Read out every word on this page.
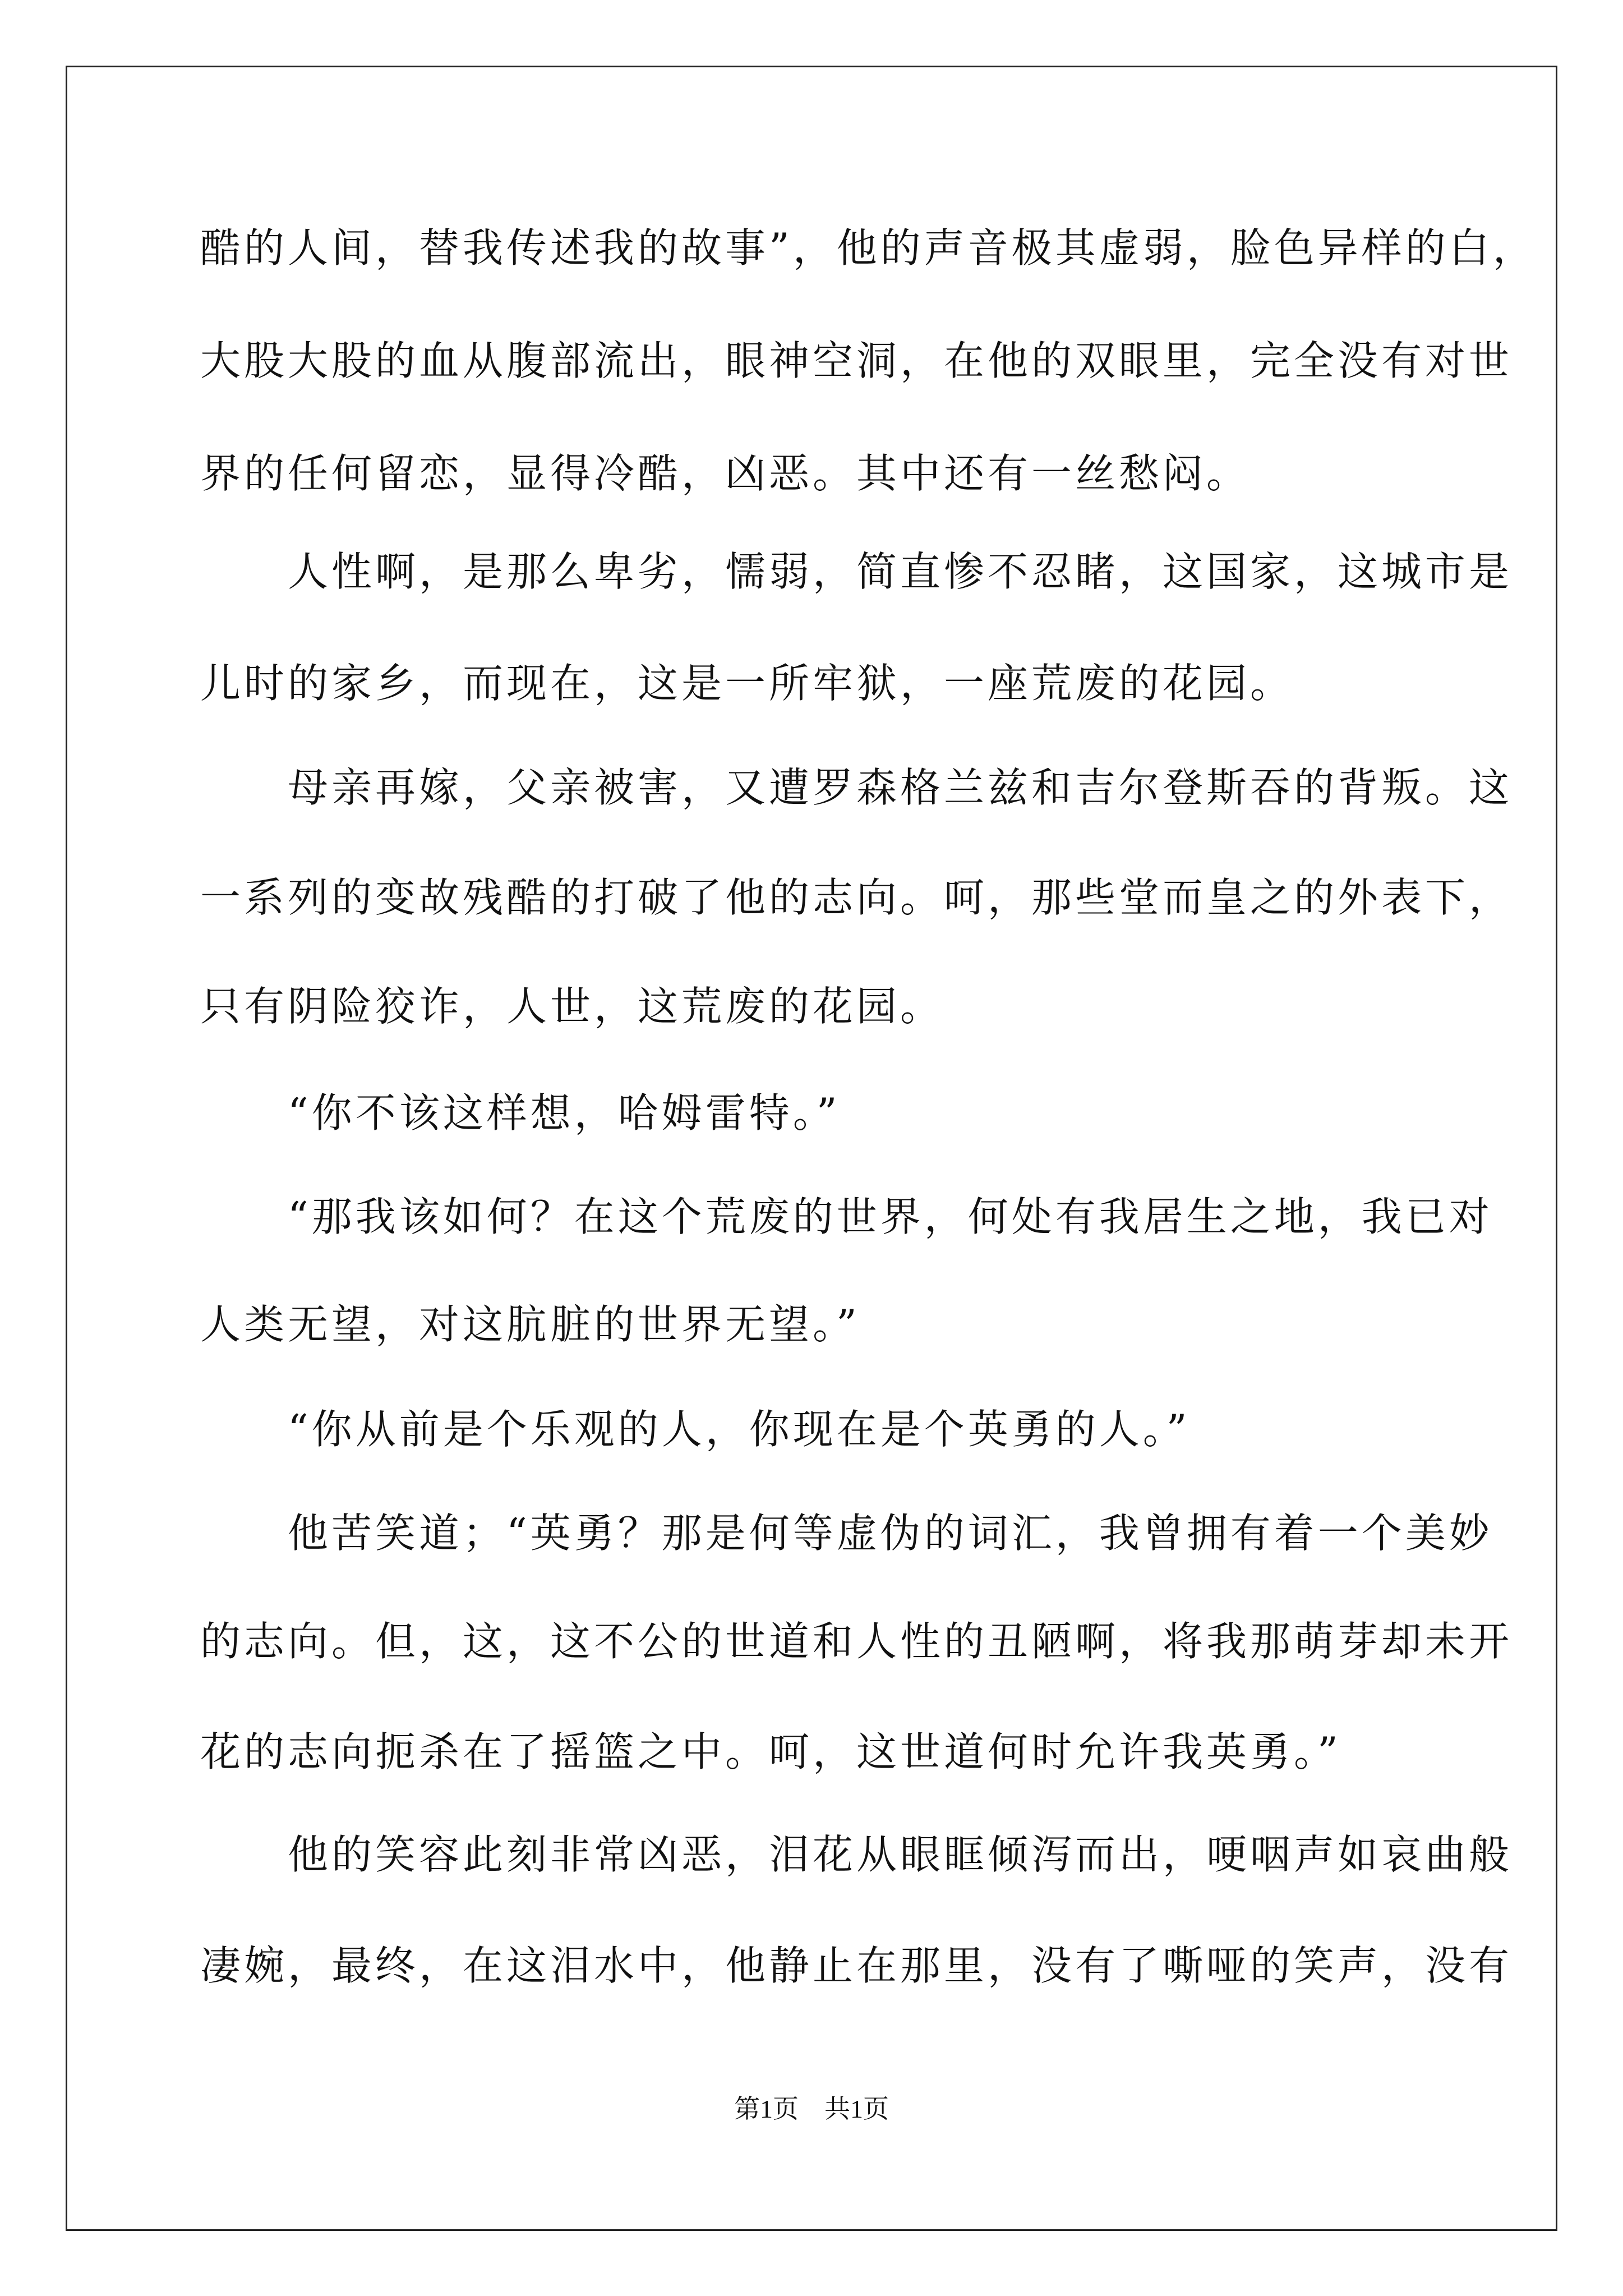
酷的人间，替我传述我的故事”，他的声音极其虚弱，脸色异样的白，
大股大股的血从腹部流出，眼神空洞，在他的双眼里，完全没有对世
界的任何留恋，显得冷酷，凶恶。其中还有一丝愁闷。
　　人性啊，是那么卑劣，懦弱，简直惨不忍睹，这国家，这城市是
儿时的家乡，而现在，这是一所牢狱，一座荒废的花园。
　　母亲再嫁，父亲被害，又遭罗森格兰兹和吉尔登斯吞的背叛。这
一系列的变故残酷的打破了他的志向。呵，那些堂而皇之的外表下，
只有阴险狡诈，人世，这荒废的花园。
　　“你不该这样想，哈姆雷特。”
　　“那我该如何？在这个荒废的世界，何处有我居生之地，我已对
人类无望，对这肮脏的世界无望。”
　　“你从前是个乐观的人，你现在是个英勇的人。”
　　他苦笑道；“英勇？那是何等虚伪的词汇，我曾拥有着一个美妙
的志向。但，这，这不公的世道和人性的丑陋啊，将我那萌芽却未开
花的志向扼杀在了摇篮之中。呵，这世道何时允许我英勇。”
　　他的笑容此刻非常凶恶，泪花从眼眶倾泻而出，哽咽声如哀曲般
凄婉，最终，在这泪水中，他静止在那里，没有了嘶哑的笑声，没有
第1页 共1页
